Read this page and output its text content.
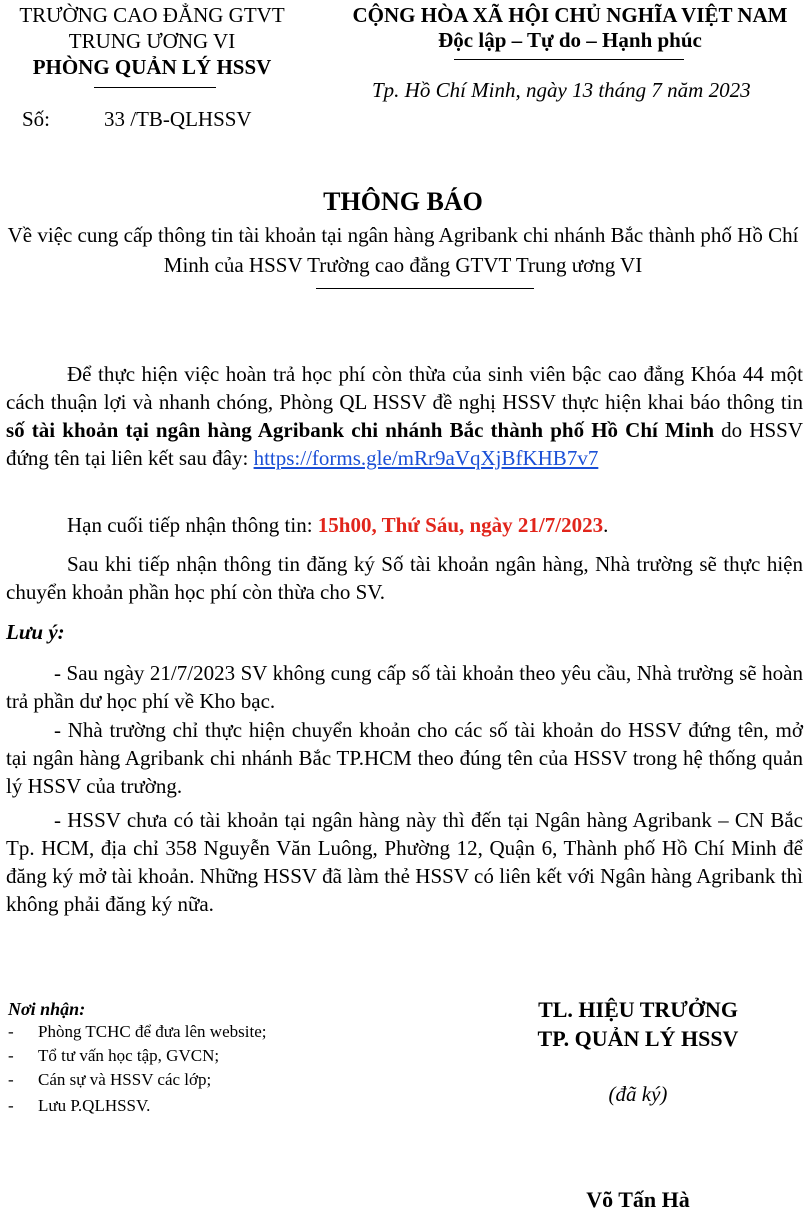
TRƯỜNG CAO ĐẲNG GTVT
TRUNG ƯƠNG VI
PHÒNG QUẢN LÝ HSSV
Số:	33 /TB-QLHSSV
CỘNG HÒA XÃ HỘI CHỦ NGHĨA VIỆT NAM
Độc lập – Tự do – Hạnh phúc
Tp. Hồ Chí Minh, ngày 13 tháng 7 năm 2023
THÔNG BÁO
Về việc cung cấp thông tin tài khoản tại ngân hàng Agribank chi nhánh Bắc thành phố Hồ Chí Minh của HSSV Trường cao đẳng GTVT Trung ương VI
Để thực hiện việc hoàn trả học phí còn thừa của sinh viên bậc cao đẳng Khóa 44 một cách thuận lợi và nhanh chóng, Phòng QL HSSV đề nghị HSSV thực hiện khai báo thông tin số tài khoản tại ngân hàng Agribank chi nhánh Bắc thành phố Hồ Chí Minh do HSSV đứng tên tại liên kết sau đây: https://forms.gle/mRr9aVqXjBfKHB7v7
Hạn cuối tiếp nhận thông tin: 15h00, Thứ Sáu, ngày 21/7/2023.
Sau khi tiếp nhận thông tin đăng ký Số tài khoản ngân hàng, Nhà trường sẽ thực hiện chuyển khoản phần học phí còn thừa cho SV.
Lưu ý:
- Sau ngày 21/7/2023 SV không cung cấp số tài khoản theo yêu cầu, Nhà trường sẽ hoàn trả phần dư học phí về Kho bạc.
- Nhà trường chỉ thực hiện chuyển khoản cho các số tài khoản do HSSV đứng tên, mở tại ngân hàng Agribank chi nhánh Bắc TP.HCM theo đúng tên của HSSV trong hệ thống quản lý HSSV của trường.
- HSSV chưa có tài khoản tại ngân hàng này thì đến tại Ngân hàng Agribank – CN Bắc Tp. HCM, địa chỉ 358 Nguyễn Văn Luông, Phường 12, Quận 6, Thành phố Hồ Chí Minh để đăng ký mở tài khoản. Những HSSV đã làm thẻ HSSV có liên kết với Ngân hàng Agribank thì không phải đăng ký nữa.
Nơi nhận:
- Phòng TCHC để đưa lên website;
- Tổ tư vấn học tập, GVCN;
- Cán sự và HSSV các lớp;
- Lưu P.QLHSSV.
TL. HIỆU TRƯỞNG
TP. QUẢN LÝ HSSV
(đã ký)
Võ Tấn Hà
